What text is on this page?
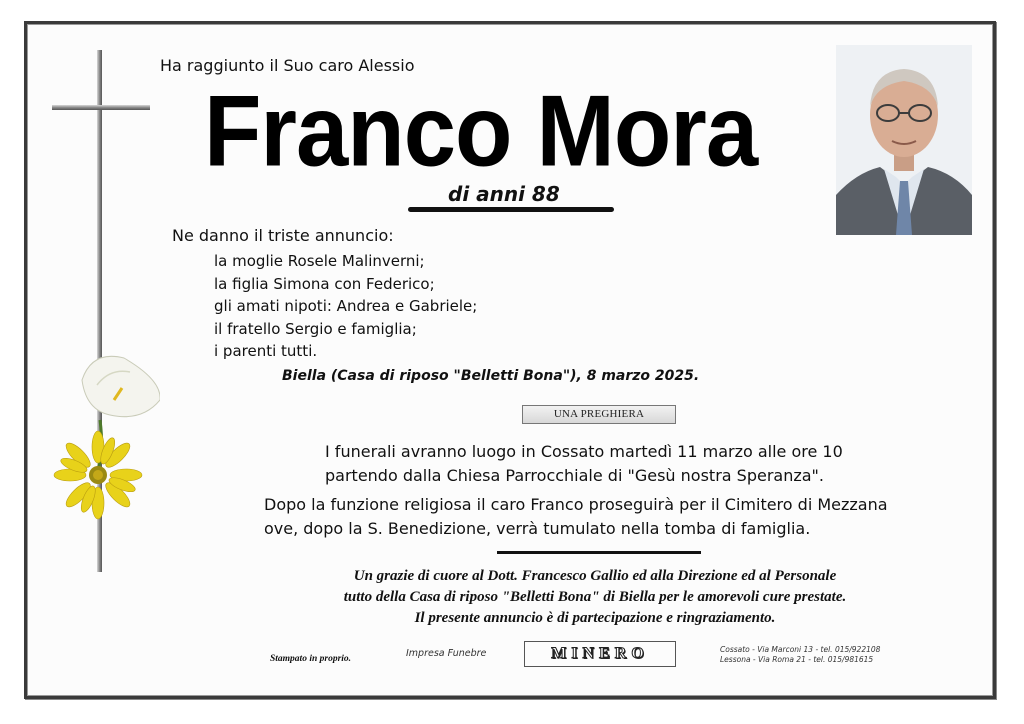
Ha raggiunto il Suo caro Alessio
Franco Mora
di anni 88
Ne danno il triste annuncio:
la moglie Rosele Malinverni;
la figlia Simona con Federico;
gli amati nipoti: Andrea e Gabriele;
il fratello Sergio e famiglia;
i parenti tutti.
Biella (Casa di riposo "Belletti Bona"), 8 marzo 2025.
UNA PREGHIERA
I funerali avranno luogo in Cossato martedì 11 marzo alle ore 10
partendo dalla Chiesa Parrocchiale di "Gesù nostra Speranza".
Dopo la funzione religiosa il caro Franco proseguirà per il Cimitero di Mezzana
ove, dopo la S. Benedizione, verrà tumulato nella tomba di famiglia.
Un grazie di cuore al Dott. Francesco Gallio ed alla Direzione ed al Personale
tutto della Casa di riposo "Belletti Bona" di Biella per le amorevoli cure prestate.
Il presente annuncio è di partecipazione e ringraziamento.
Stampato in proprio.	Impresa Funebre	MINERO	Cossato - Via Marconi 13 - tel. 015/922108
Lessona - Via Roma 21 - tel. 015/981615
